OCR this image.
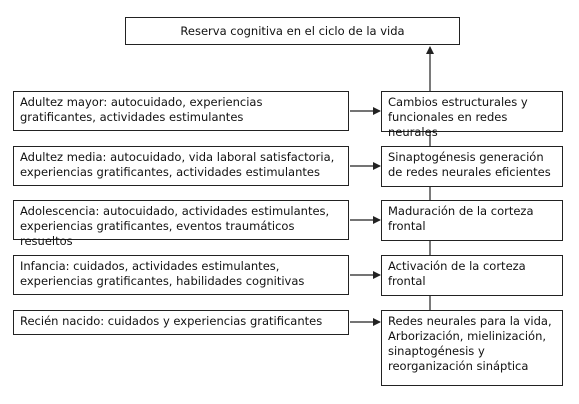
Reserva cognitiva en el ciclo de la vida
Adultez mayor: autocuidado, experiencias gratificantes, actividades estimulantes
Adultez media: autocuidado, vida laboral satisfactoria, experiencias gratificantes, actividades estimulantes
Adolescencia: autocuidado, actividades estimulantes, experiencias gratificantes, eventos traumáticos resueltos
Infancia: cuidados, actividades estimulantes, experiencias gratificantes, habilidades cognitivas
Recién nacido: cuidados y experiencias gratificantes
Cambios estructurales y funcionales en redes neurales
Sinaptogénesis generación de redes neurales eficientes
Maduración de la corteza frontal
Activación de la corteza frontal
Redes neurales para la vida, Arborización, mielinización, sinaptogénesis y reorganización sináptica
